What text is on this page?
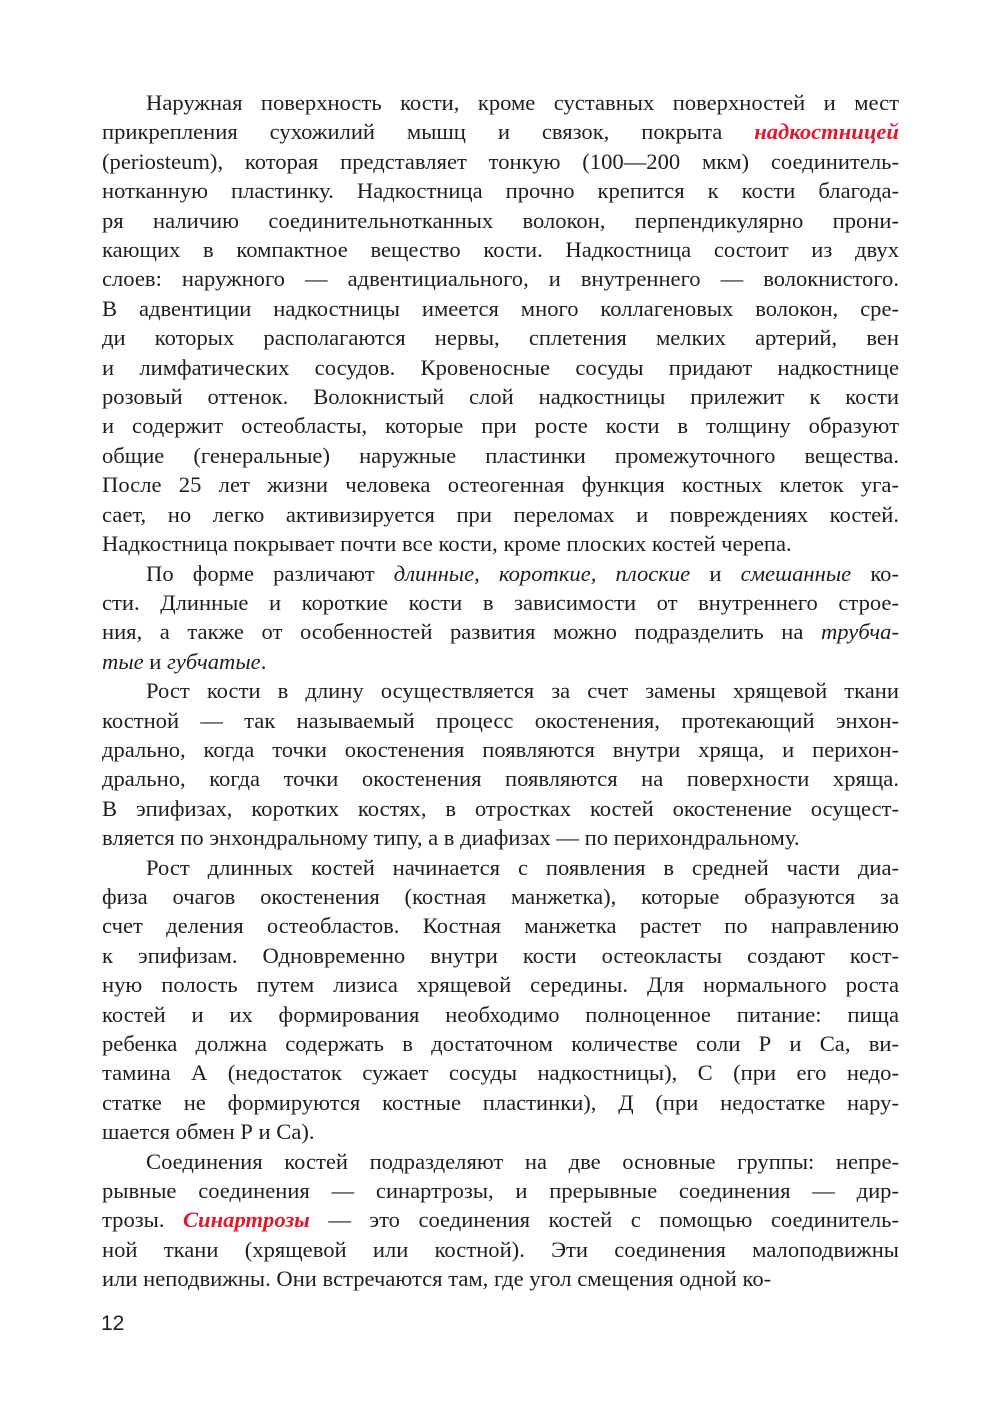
Наружная поверхность кости, кроме суставных поверхностей и мест
прикрепления сухожилий мышц и связок, покрыта надкостницей
(periosteum), которая представляет тонкую (100—200 мкм) соединитель-
нотканную пластинку. Надкостница прочно крепится к кости благода-
ря наличию соединительнотканных волокон, перпендикулярно прони-
кающих в компактное вещество кости. Надкостница состоит из двух
слоев: наружного — адвентициального, и внутреннего — волокнистого.
В адвентиции надкостницы имеется много коллагеновых волокон, сре-
ди которых располагаются нервы, сплетения мелких артерий, вен
и лимфатических сосудов. Кровеносные сосуды придают надкостнице
розовый оттенок. Волокнистый слой надкостницы прилежит к кости
и содержит остеобласты, которые при росте кости в толщину образуют
общие (генеральные) наружные пластинки промежуточного вещества.
После 25 лет жизни человека остеогенная функция костных клеток уга-
сает, но легко активизируется при переломах и повреждениях костей.
Надкостница покрывает почти все кости, кроме плоских костей черепа.
По форме различают длинные, короткие, плоские и смешанные ко-
сти. Длинные и короткие кости в зависимости от внутреннего строе-
ния, а также от особенностей развития можно подразделить на трубча-
тые и губчатые.
Рост кости в длину осуществляется за счет замены хрящевой ткани
костной — так называемый процесс окостенения, протекающий энхон-
дрально, когда точки окостенения появляются внутри хряща, и перихон-
дрально, когда точки окостенения появляются на поверхности хряща.
В эпифизах, коротких костях, в отростках костей окостенение осущест-
вляется по энхондральному типу, а в диафизах — по перихондральному.
Рост длинных костей начинается с появления в средней части диа-
физа очагов окостенения (костная манжетка), которые образуются за
счет деления остеобластов. Костная манжетка растет по направлению
к эпифизам. Одновременно внутри кости остеокласты создают кост-
ную полость путем лизиса хрящевой середины. Для нормального роста
костей и их формирования необходимо полноценное питание: пища
ребенка должна содержать в достаточном количестве соли Р и Са, ви-
тамина А (недостаток сужает сосуды надкостницы), С (при его недо-
статке не формируются костные пластинки), Д (при недостатке нару-
шается обмен Р и Са).
Соединения костей подразделяют на две основные группы: непре-
рывные соединения — синартрозы, и прерывные соединения — дир-
трозы. Синартрозы — это соединения костей с помощью соединитель-
ной ткани (хрящевой или костной). Эти соединения малоподвижны
или неподвижны. Они встречаются там, где угол смещения одной ко-
12
